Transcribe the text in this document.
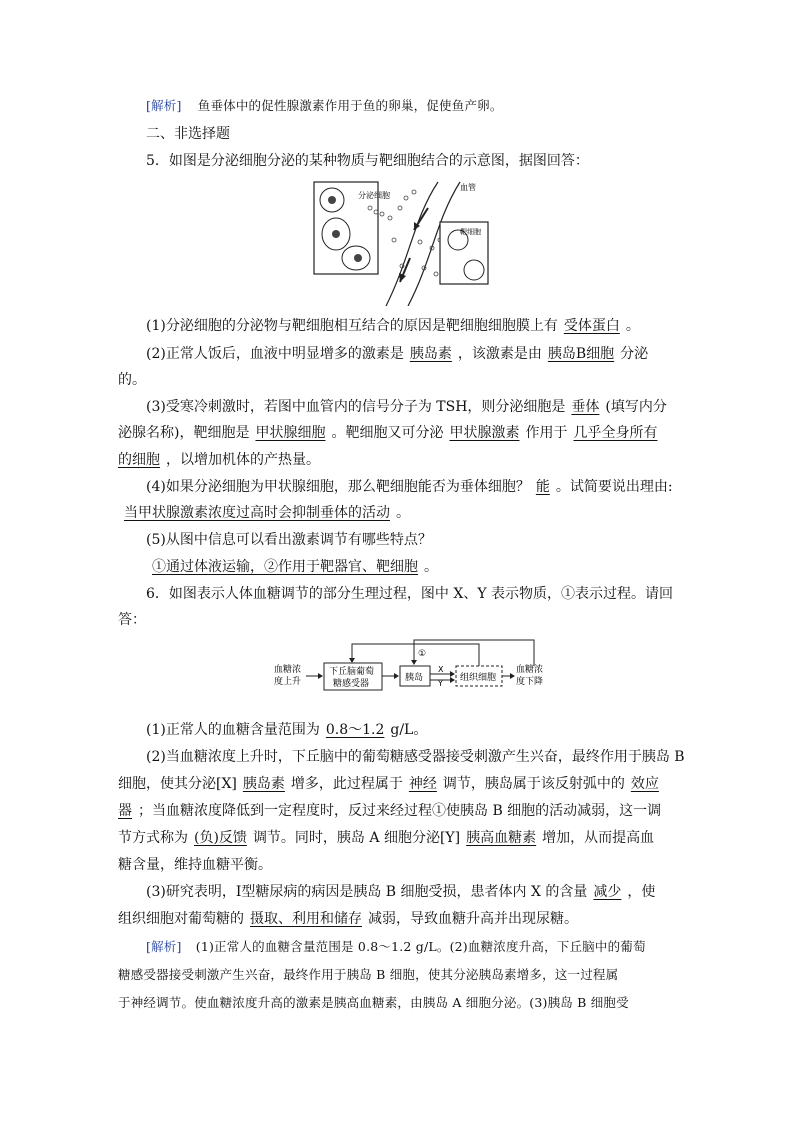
[解析] 鱼垂体中的促性腺激素作用于鱼的卵巢，促使鱼产卵。
二、非选择题
5．如图是分泌细胞分泌的某种物质与靶细胞结合的示意图，据图回答：
分泌细胞
血管
靶细胞
(1)分泌细胞的分泌物与靶细胞相互结合的原因是靶细胞细胞膜上有 受体蛋白 。
(2)正常人饭后，血液中明显增多的激素是 胰岛素 ，该激素是由 胰岛B细胞 分泌
的。
(3)受寒冷刺激时，若图中血管内的信号分子为 TSH，则分泌细胞是 垂体 (填写内分
泌腺名称)，靶细胞是 甲状腺细胞 。靶细胞又可分泌 甲状腺激素 作用于 几乎全身所有
的细胞 ，以增加机体的产热量。
(4)如果分泌细胞为甲状腺细胞，那么靶细胞能否为垂体细胞？ 能 。试简要说出理由:
当甲状腺激素浓度过高时会抑制垂体的活动 。
(5)从图中信息可以看出激素调节有哪些特点？
①通过体液运输，②作用于靶器官、靶细胞 。
6．如图表示人体血糖调节的部分生理过程，图中 X、Y 表示物质，①表示过程。请回
答：
血糖浓
度上升
下丘脑葡萄
糖感受器
胰岛
X
Y
组织细胞
血糖浓
度下降
①
(1)正常人的血糖含量范围为 0.8～1.2 g/L。
(2)当血糖浓度上升时，下丘脑中的葡萄糖感受器接受刺激产生兴奋，最终作用于胰岛 B
细胞，使其分泌[X] 胰岛素 增多，此过程属于 神经 调节，胰岛属于该反射弧中的 效应
器 ；当血糖浓度降低到一定程度时，反过来经过程①使胰岛 B 细胞的活动减弱，这一调
节方式称为 (负)反馈 调节。同时，胰岛 A 细胞分泌[Y] 胰高血糖素 增加，从而提高血
糖含量，维持血糖平衡。
(3)研究表明，Ⅰ型糖尿病的病因是胰岛 B 细胞受损，患者体内 X 的含量 减少 ，使
组织细胞对葡萄糖的 摄取、利用和储存 减弱，导致血糖升高并出现尿糖。
[解析] (1)正常人的血糖含量范围是 0.8～1.2 g/L。(2)血糖浓度升高，下丘脑中的葡萄
糖感受器接受刺激产生兴奋，最终作用于胰岛 B 细胞，使其分泌胰岛素增多，这一过程属
于神经调节。使血糖浓度升高的激素是胰高血糖素，由胰岛 A 细胞分泌。(3)胰岛 B 细胞受
